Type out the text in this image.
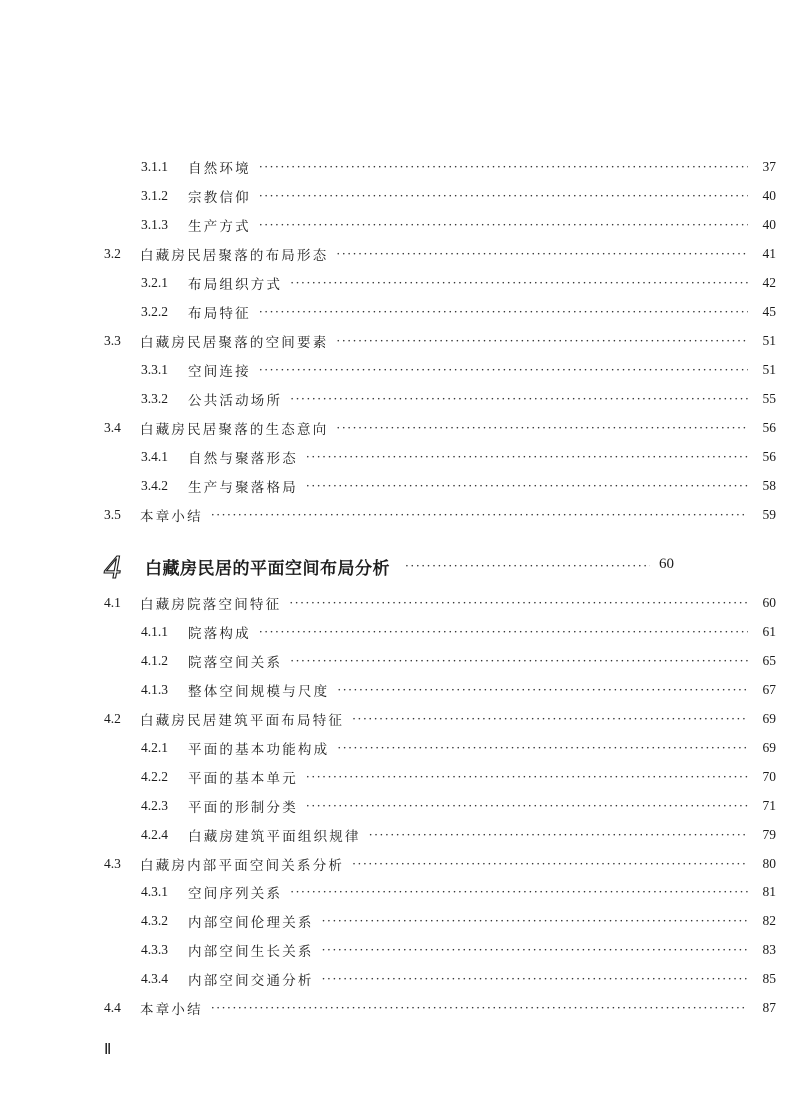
3.1.1	自然环境 ·····	37
3.1.2	宗教信仰 ·····	40
3.1.3	生产方式 ·····	40
3.2	白藏房民居聚落的布局形态 ·····	41
3.2.1	布局组织方式 ·····	42
3.2.2	布局特征 ·····	45
3.3	白藏房民居聚落的空间要素 ·····	51
3.3.1	空间连接 ·····	51
3.3.2	公共活动场所 ·····	55
3.4	白藏房民居聚落的生态意向 ·····	56
3.4.1	自然与聚落形态 ·····	56
3.4.2	生产与聚落格局 ·····	58
3.5	本章小结 ·····	59
4 白藏房民居的平面空间布局分析 ·····	60
4.1	白藏房院落空间特征 ·····	60
4.1.1	院落构成 ·····	61
4.1.2	院落空间关系 ·····	65
4.1.3	整体空间规模与尺度 ·····	67
4.2	白藏房民居建筑平面布局特征 ·····	69
4.2.1	平面的基本功能构成 ·····	69
4.2.2	平面的基本单元 ·····	70
4.2.3	平面的形制分类 ·····	71
4.2.4	白藏房建筑平面组织规律 ·····	79
4.3	白藏房内部平面空间关系分析 ·····	80
4.3.1	空间序列关系 ·····	81
4.3.2	内部空间伦理关系 ·····	82
4.3.3	内部空间生长关系 ·····	83
4.3.4	内部空间交通分析 ·····	85
4.4	本章小结 ·····	87
Ⅱ
